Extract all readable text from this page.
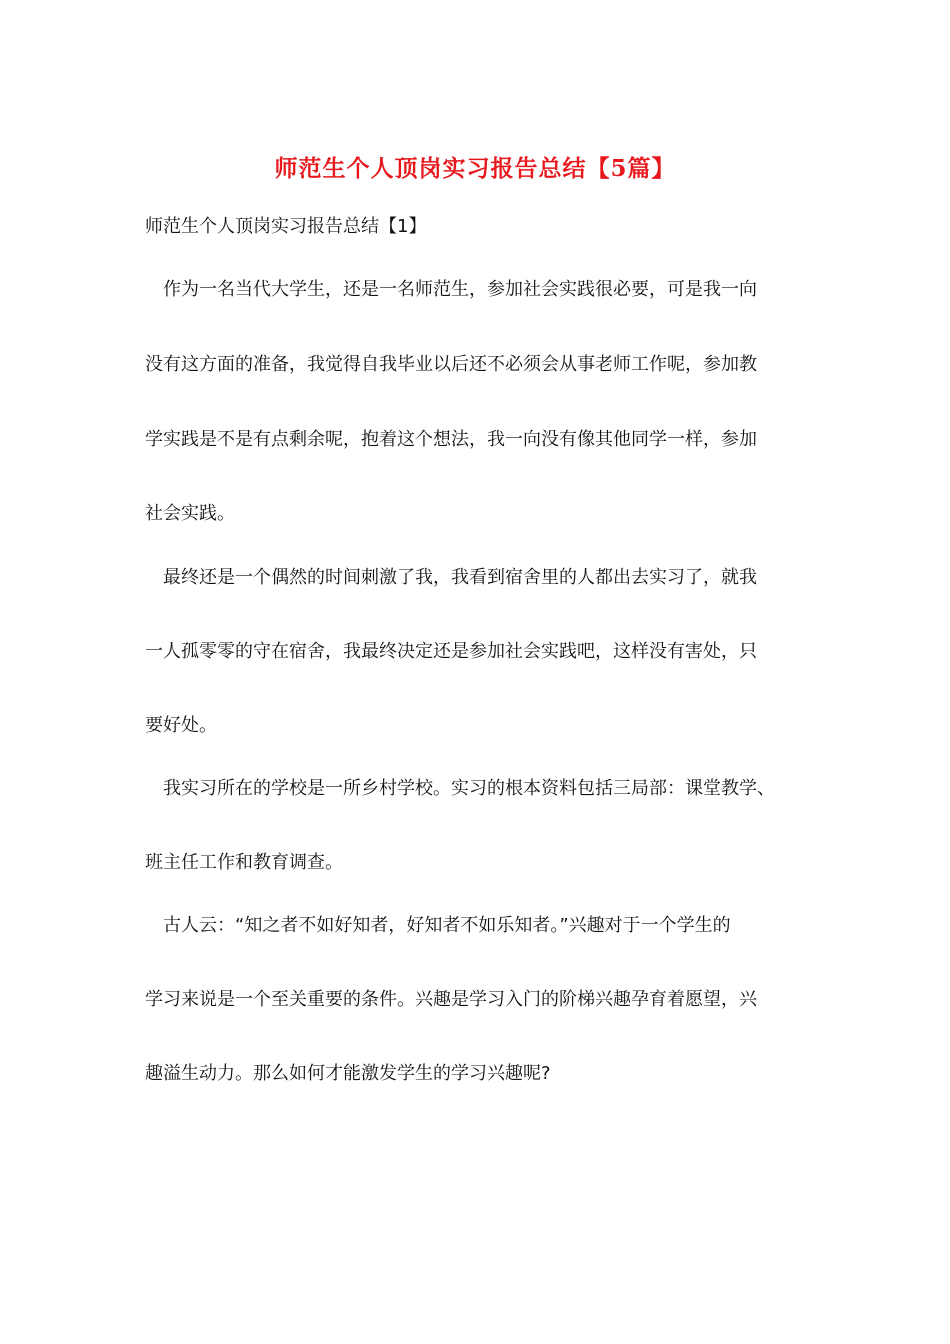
师范生个人顶岗实习报告总结【5篇】
师范生个人顶岗实习报告总结【1】
作为一名当代大学生，还是一名师范生，参加社会实践很必要，可是我一向
没有这方面的准备，我觉得自我毕业以后还不必须会从事老师工作呢，参加教
学实践是不是有点剩余呢，抱着这个想法，我一向没有像其他同学一样，参加
社会实践。
最终还是一个偶然的时间刺激了我，我看到宿舍里的人都出去实习了，就我
一人孤零零的守在宿舍，我最终决定还是参加社会实践吧，这样没有害处，只
要好处。
我实习所在的学校是一所乡村学校。实习的根本资料包括三局部：课堂教学、
班主任工作和教育调查。
古人云：“知之者不如好知者，好知者不如乐知者。”兴趣对于一个学生的
学习来说是一个至关重要的条件。兴趣是学习入门的阶梯兴趣孕育着愿望，兴
趣溢生动力。那么如何才能激发学生的学习兴趣呢?
